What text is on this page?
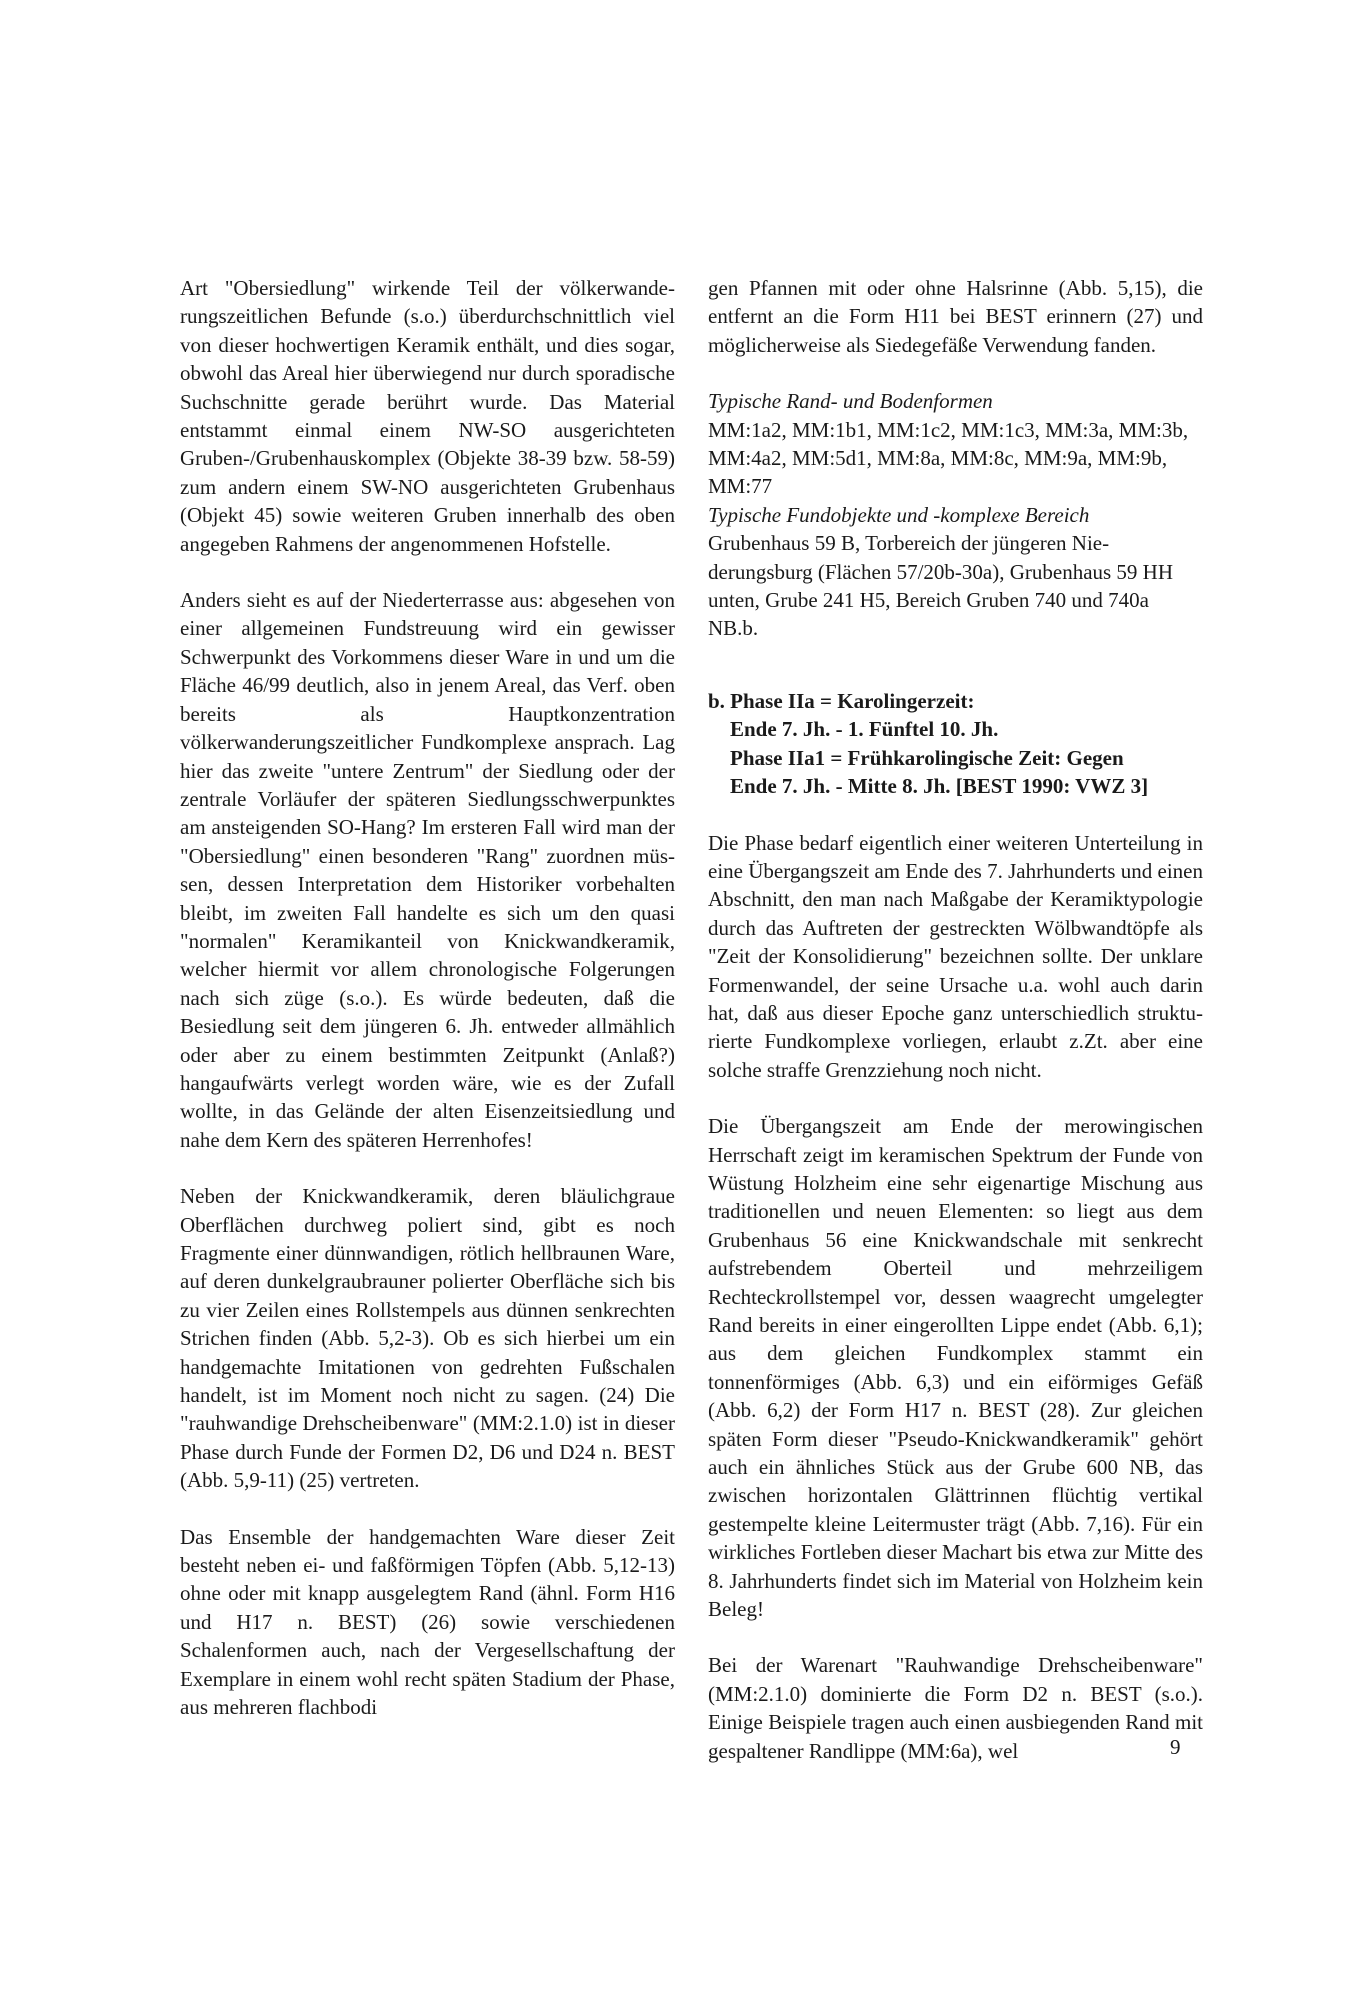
Art "Obersiedlung" wirkende Teil der völkerwanderungszeitlichen Befunde (s.o.) überdurchschnittlich viel von dieser hochwertigen Keramik enthält, und dies sogar, obwohl das Areal hier überwiegend nur durch sporadische Suchschnitte gerade berührt wurde. Das Material entstammt einmal einem NW-SO ausgerichteten Gruben-/Grubenhauskomplex (Objekte 38-39 bzw. 58-59) zum andern einem SW-NO ausgerichteten Grubenhaus (Objekt 45) sowie weiteren Gruben innerhalb des oben angegeben Rahmens der angenommenen Hofstelle.

Anders sieht es auf der Niederterrasse aus: abgesehen von einer allgemeinen Fundstreuung wird ein gewisser Schwerpunkt des Vorkommens dieser Ware in und um die Fläche 46/99 deutlich, also in jenem Areal, das Verf. oben bereits als Hauptkonzentration völkerwanderungszeitlicher Fundkomplexe ansprach. Lag hier das zweite "untere Zentrum" der Siedlung oder der zentrale Vorläufer der späteren Siedlungsschwerpunktes am ansteigenden SO-Hang? Im ersteren Fall wird man der "Obersiedlung" einen besonderen "Rang" zuordnen müssen, dessen Interpretation dem Historiker vorbehalten bleibt, im zweiten Fall handelte es sich um den quasi "normalen" Keramikanteil von Knickwandkeramik, welcher hiermit vor allem chronologische Folgerungen nach sich züge (s.o.). Es würde bedeuten, daß die Besiedlung seit dem jüngeren 6. Jh. entweder allmählich oder aber zu einem bestimmten Zeitpunkt (Anlaß?) hangaufwärts verlegt worden wäre, wie es der Zufall wollte, in das Gelände der alten Eisenzeitsiedlung und nahe dem Kern des späteren Herrenhofes!

Neben der Knickwandkeramik, deren bläulichgraue Oberflächen durchweg poliert sind, gibt es noch Fragmente einer dünnwandigen, rötlich hellbraunen Ware, auf deren dunkelgraubrauner polierter Oberfläche sich bis zu vier Zeilen eines Rollstempels aus dünnen senkrechten Strichen finden (Abb. 5,2-3). Ob es sich hierbei um ein handgemachte Imitationen von gedrehten Fußschalen handelt, ist im Moment noch nicht zu sagen. (24) Die "rauhwandige Drehscheibenware" (MM:2.1.0) ist in dieser Phase durch Funde der Formen D2, D6 und D24 n. BEST (Abb. 5,9-11) (25) vertreten.

Das Ensemble der handgemachten Ware dieser Zeit besteht neben ei- und faßförmigen Töpfen (Abb. 5,12-13) ohne oder mit knapp ausgelegtem Rand (ähnl. Form H16 und H17 n. BEST) (26) sowie verschiedenen Schalenformen auch, nach der Vergesellschaftung der Exemplare in einem wohl recht späten Stadium der Phase, aus mehreren flachbodi

gen Pfannen mit oder ohne Halsrinne (Abb. 5,15), die entfernt an die Form H11 bei BEST erinnern (27) und möglicherweise als Siedegefäße Verwendung fanden.

Typische Rand- und Bodenformen
MM:1a2, MM:1b1, MM:1c2, MM:1c3, MM:3a, MM:3b, MM:4a2, MM:5d1, MM:8a, MM:8c, MM:9a, MM:9b, MM:77
Typische Fundobjekte und -komplexe Bereich
Grubenhaus 59 B, Torbereich der jüngeren Niederungsburg (Flächen 57/20b-30a), Grubenhaus 59 HH unten, Grube 241 H5, Bereich Gruben 740 und 740a NB.b.
b. Phase IIa = Karolingerzeit:
Ende 7. Jh. - 1. Fünftel 10. Jh.
Phase IIa1 = Frühkarolingische Zeit: Gegen
Ende 7. Jh. - Mitte 8. Jh. [BEST 1990: VWZ 3]

Die Phase bedarf eigentlich einer weiteren Unterteilung in eine Übergangszeit am Ende des 7. Jahrhunderts und einen Abschnitt, den man nach Maßgabe der Keramiktypologie durch das Auftreten der gestreckten Wölbwandtöpfe als "Zeit der Konsolidierung" bezeichnen sollte. Der unklare Formenwandel, der seine Ursache u.a. wohl auch darin hat, daß aus dieser Epoche ganz unterschiedlich strukturierte Fundkomplexe vorliegen, erlaubt z.Zt. aber eine solche straffe Grenzziehung noch nicht.

Die Übergangszeit am Ende der merowingischen Herrschaft zeigt im keramischen Spektrum der Funde von Wüstung Holzheim eine sehr eigenartige Mischung aus traditionellen und neuen Elementen: so liegt aus dem Grubenhaus 56 eine Knickwandschale mit senkrecht aufstrebendem Oberteil und mehrzeiligem Rechteckrollstempel vor, dessen waagrecht umgelegter Rand bereits in einer eingerollten Lippe endet (Abb. 6,1); aus dem gleichen Fundkomplex stammt ein tonnenförmiges (Abb. 6,3) und ein eiförmiges Gefäß (Abb. 6,2) der Form H17 n. BEST (28). Zur gleichen späten Form dieser "Pseudo-Knickwandkeramik" gehört auch ein ähnliches Stück aus der Grube 600 NB, das zwischen horizontalen Glättrinnen flüchtig vertikal gestempelte kleine Leitermuster trägt (Abb. 7,16). Für ein wirkliches Fortleben dieser Machart bis etwa zur Mitte des 8. Jahrhunderts findet sich im Material von Holzheim kein Beleg!

Bei der Warenart "Rauhwandige Drehscheibenware" (MM:2.1.0) dominierte die Form D2 n. BEST (s.o.). Einige Beispiele tragen auch einen ausbiegenden Rand mit gespaltener Randlippe (MM:6a), wel	9
